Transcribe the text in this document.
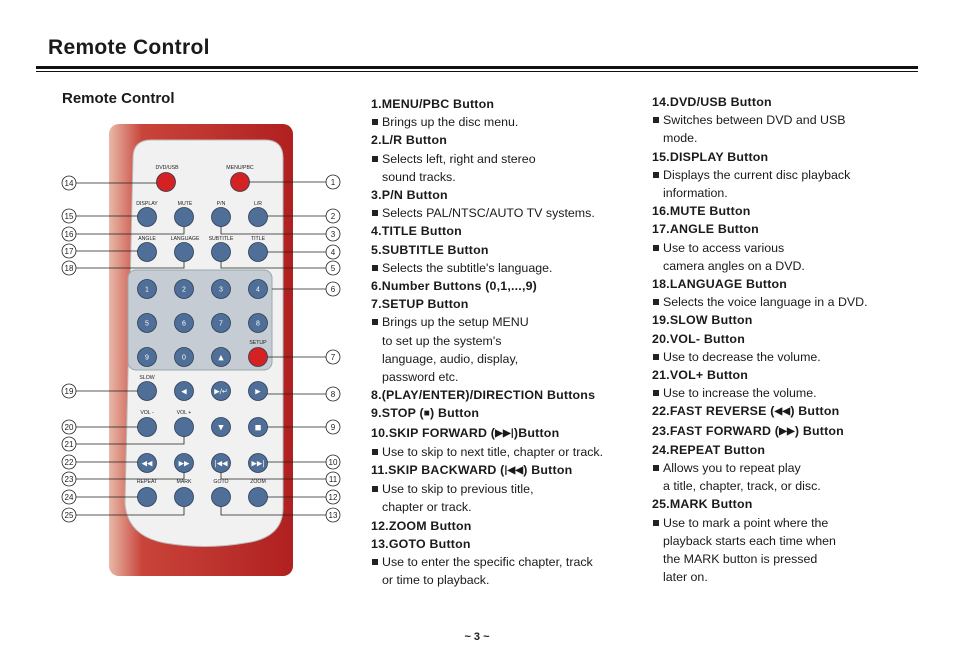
Remote Control
Remote Control
DVD/USB	MENU/PBC
DISPLAY	MUTE	P/N	L/R
ANGLE	LANGUAGE SUBTITLE	TITLE
1	2	3	4
5	6	7	8
9	0	▲
SETUP
SLOW
◀	▶/↵	▶
VOL -	VOL +
▼	■
◀◀	▶▶	|◀◀	▶▶|
REPEAT	MARK	GOTO	ZOOM
14
15
16
17
18
19
20
21
22
23
24
25
1
2
3
4
5
6
7
8
9
10
11
12
13
1.MENU/PBC Button
Brings up the disc menu.
2.L/R Button
Selects left, right and stereo
sound tracks.
3.P/N Button
Selects PAL/NTSC/AUTO TV systems.
4.TITLE Button
5.SUBTITLE Button
Selects the subtitle's language.
6.Number Buttons (0,1,...,9)
7.SETUP Button
Brings up the setup MENU
to set up the system's
language, audio, display,
password etc.
8.(PLAY/ENTER)/DIRECTION Buttons
9.STOP (■) Button
10.SKIP FORWARD (▶▶|)Button
Use to skip to next title, chapter or track.
11.SKIP BACKWARD (|◀◀) Button
Use to skip to previous title,
chapter or track.
12.ZOOM Button
13.GOTO Button
Use to enter the specific chapter, track
or time to playback.
14.DVD/USB Button
Switches between DVD and USB
mode.
15.DISPLAY Button
Displays the current disc playback
information.
16.MUTE Button
17.ANGLE Button
Use to access various
camera angles on a DVD.
18.LANGUAGE Button
Selects the voice language in a DVD.
19.SLOW Button
20.VOL- Button
Use to decrease the volume.
21.VOL+ Button
Use to increase the volume.
22.FAST REVERSE (◀◀) Button
23.FAST FORWARD (▶▶) Button
24.REPEAT Button
Allows you to repeat play
a title, chapter, track, or disc.
25.MARK Button
Use to mark a point where the
playback starts each time when
the MARK button is pressed
later on.
~ 3 ~
